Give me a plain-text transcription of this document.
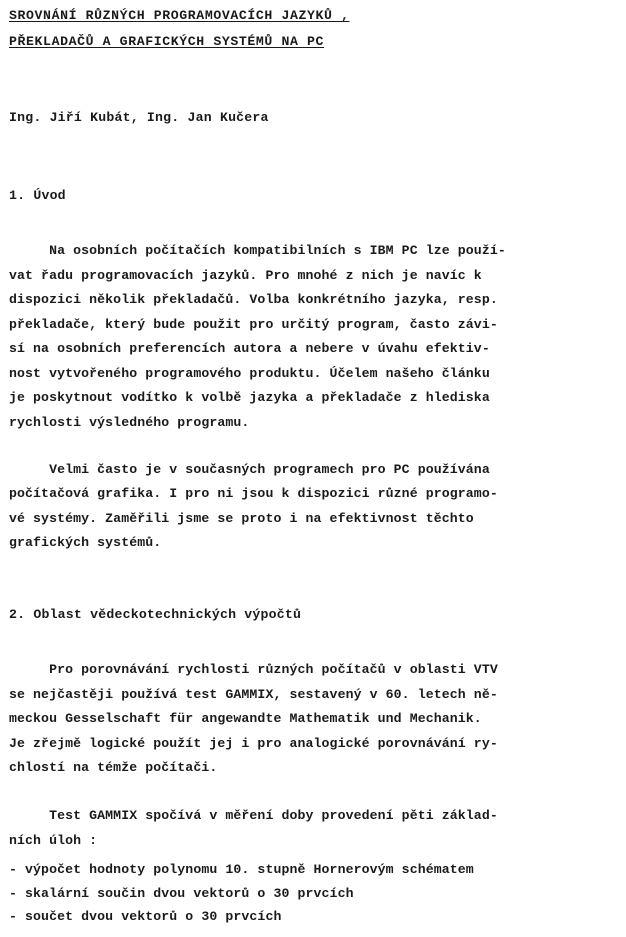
SROVNÁNÍ RŮZNÝCH PROGRAMOVACÍCH JAZYKŮ ,
PŘEKLADAČŮ A GRAFICKÝCH SYSTÉMŮ NA PC
Ing. Jiří Kubát, Ing. Jan Kučera
1. Úvod
Na osobních počítačích kompatibilních s IBM PC lze použí-
vat řadu programovacích jazyků. Pro mnohé z nich je navíc k
dispozici několik překladačů. Volba konkrétního jazyka, resp.
překladače, který bude použit pro určitý program, často závi-
sí na osobních preferencích autora a nebere v úvahu efektiv-
nost vytvořeného programového produktu. Účelem našeho článku
je poskytnout vodítko k volbě jazyka a překladače z hlediska
rychlosti výsledného programu.
Velmi často je v současných programech pro PC používána
počítačová grafika. I pro ni jsou k dispozici různé programo-
vé systémy. Zaměřili jsme se proto i na efektivnost těchto
grafických systémů.
2. Oblast vědeckotechnických výpočtů
Pro porovnávání rychlosti různých počítačů v oblasti VTV
se nejčastěji používá test GAMMIX, sestavený v 60. letech ně-
meckou Gesselschaft für angewandte Mathematik und Mechanik.
Je zřejmě logické použít jej i pro analogické porovnávání ry-
chlostí na témže počítači.
Test GAMMIX spočívá v měření doby provedení pěti základ-
ních úloh :
- výpočet hodnoty polynomu 10. stupně Hornerovým schématem
- skalární součin dvou vektorů o 30 prvcích
- součet dvou vektorů o 30 prvcích
